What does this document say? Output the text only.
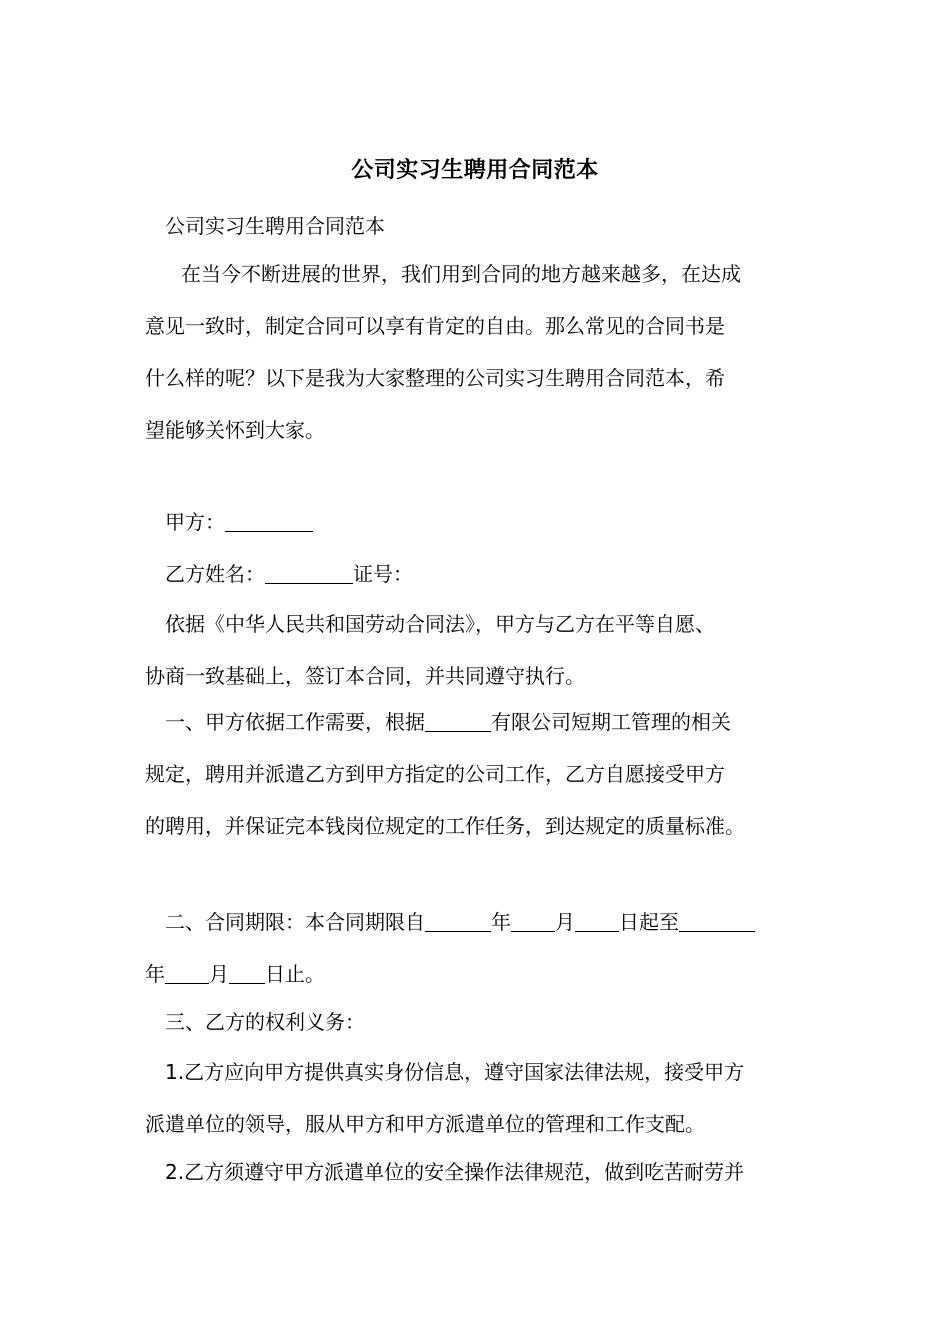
公司实习生聘用合同范本
公司实习生聘用合同范本
在当今不断进展的世界，我们用到合同的地方越来越多，在达成
意见一致时，制定合同可以享有肯定的自由。那么常见的合同书是
什么样的呢？以下是我为大家整理的公司实习生聘用合同范本，希
望能够关怀到大家。
甲方：
乙方姓名：	证号：
依据《中华人民共和国劳动合同法》，甲方与乙方在平等自愿、
协商一致基础上，签订本合同，并共同遵守执行。
一、甲方依据工作需要，根据	有限公司短期工管理的相关
规定，聘用并派遣乙方到甲方指定的公司工作，乙方自愿接受甲方
的聘用，并保证完本钱岗位规定的工作任务，到达规定的质量标准。
二、合同期限：本合同期限自	年 月 日起至
年 月 日止。
三、乙方的权利义务：
1.乙方应向甲方提供真实身份信息，遵守国家法律法规，接受甲方
派遣单位的领导，服从甲方和甲方派遣单位的管理和工作支配。
2.乙方须遵守甲方派遣单位的安全操作法律规范，做到吃苦耐劳并
